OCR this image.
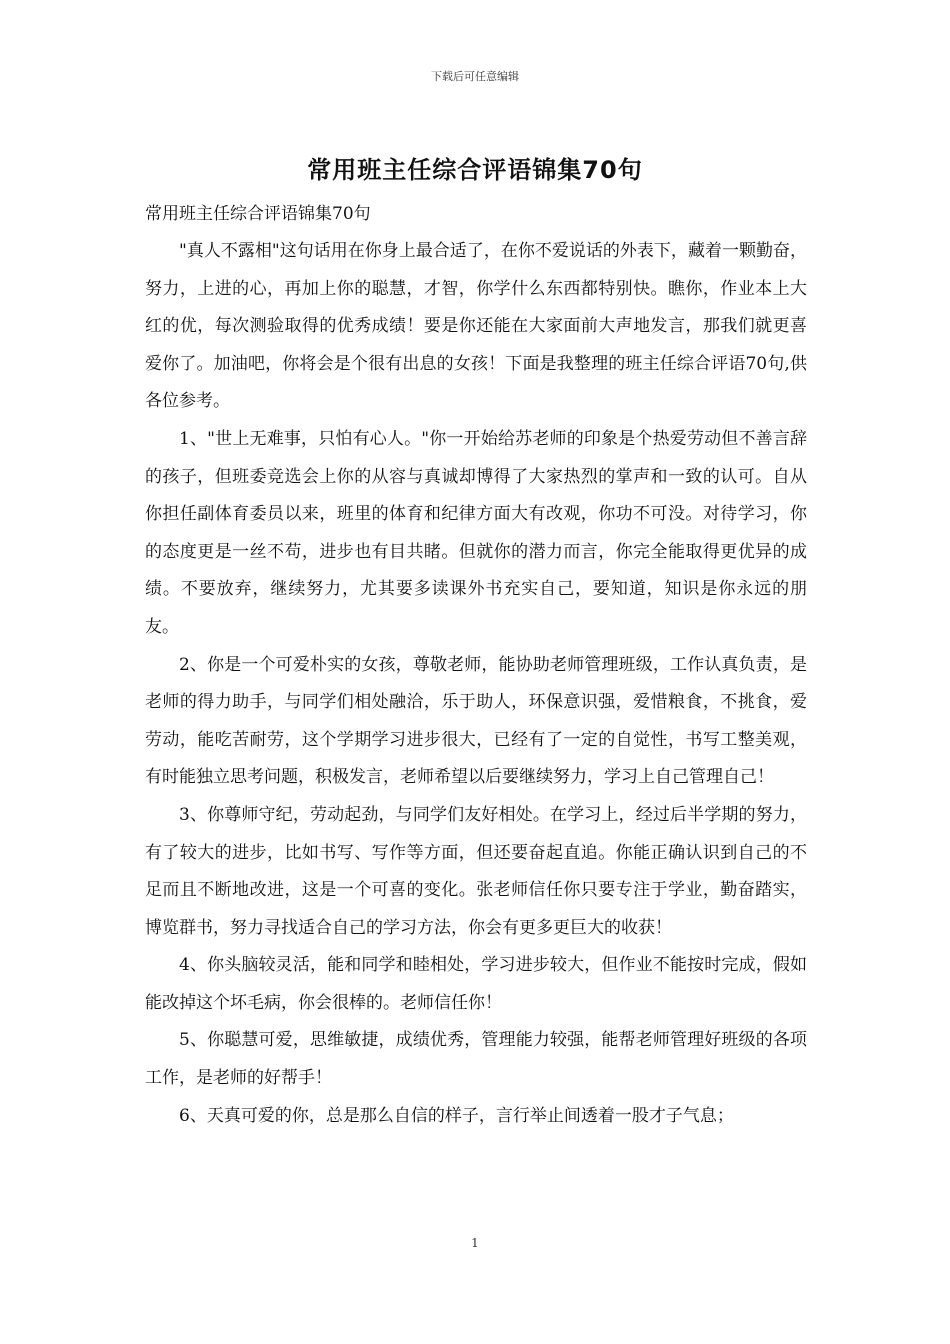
下载后可任意编辑
常用班主任综合评语锦集70句

常用班主任综合评语锦集70句

"真人不露相"这句话用在你身上最合适了，在你不爱说话的外表下，藏着一颗勤奋，努力，上进的心，再加上你的聪慧，才智，你学什么东西都特别快。瞧你，作业本上大红的优，每次测验取得的优秀成绩！要是你还能在大家面前大声地发言，那我们就更喜爱你了。加油吧，你将会是个很有出息的女孩！下面是我整理的班主任综合评语70句,供各位参考。

1、"世上无难事，只怕有心人。"你一开始给苏老师的印象是个热爱劳动但不善言辞的孩子，但班委竞选会上你的从容与真诚却博得了大家热烈的掌声和一致的认可。自从你担任副体育委员以来，班里的体育和纪律方面大有改观，你功不可没。对待学习，你的态度更是一丝不苟，进步也有目共睹。但就你的潜力而言，你完全能取得更优异的成绩。不要放弃，继续努力，尤其要多读课外书充实自己，要知道，知识是你永远的朋友。

2、你是一个可爱朴实的女孩，尊敬老师，能协助老师管理班级，工作认真负责，是老师的得力助手，与同学们相处融洽，乐于助人，环保意识强，爱惜粮食，不挑食，爱劳动，能吃苦耐劳，这个学期学习进步很大，已经有了一定的自觉性，书写工整美观，有时能独立思考问题，积极发言，老师希望以后要继续努力，学习上自己管理自己！

3、你尊师守纪，劳动起劲，与同学们友好相处。在学习上，经过后半学期的努力，有了较大的进步，比如书写、写作等方面，但还要奋起直追。你能正确认识到自己的不足而且不断地改进，这是一个可喜的变化。张老师信任你只要专注于学业，勤奋踏实，博览群书，努力寻找适合自己的学习方法，你会有更多更巨大的收获！

4、你头脑较灵活，能和同学和睦相处，学习进步较大，但作业不能按时完成，假如能改掉这个坏毛病，你会很棒的。老师信任你！

5、你聪慧可爱，思维敏捷，成绩优秀，管理能力较强，能帮老师管理好班级的各项工作，是老师的好帮手！

6、天真可爱的你，总是那么自信的样子，言行举止间透着一股才子气息；

1
